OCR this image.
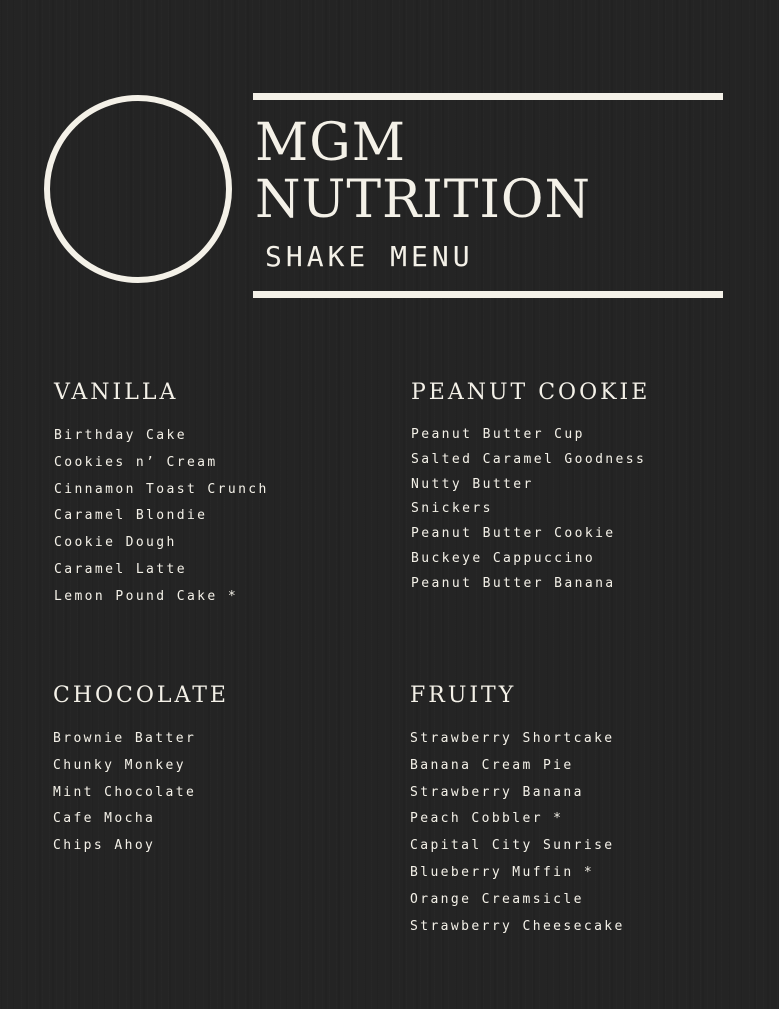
MGM
NUTRITION
SHAKE MENU
VANILLA
Birthday Cake
Cookies n’ Cream
Cinnamon Toast Crunch
Caramel Blondie
Cookie Dough
Caramel Latte
Lemon Pound Cake *
PEANUT COOKIE
Peanut Butter Cup
Salted Caramel Goodness
Nutty Butter
Snickers
Peanut Butter Cookie
Buckeye Cappuccino
Peanut Butter Banana
CHOCOLATE
Brownie Batter
Chunky Monkey
Mint Chocolate
Cafe Mocha
Chips Ahoy
FRUITY
Strawberry Shortcake
Banana Cream Pie
Strawberry Banana
Peach Cobbler *
Capital City Sunrise
Blueberry Muffin *
Orange Creamsicle
Strawberry Cheesecake
